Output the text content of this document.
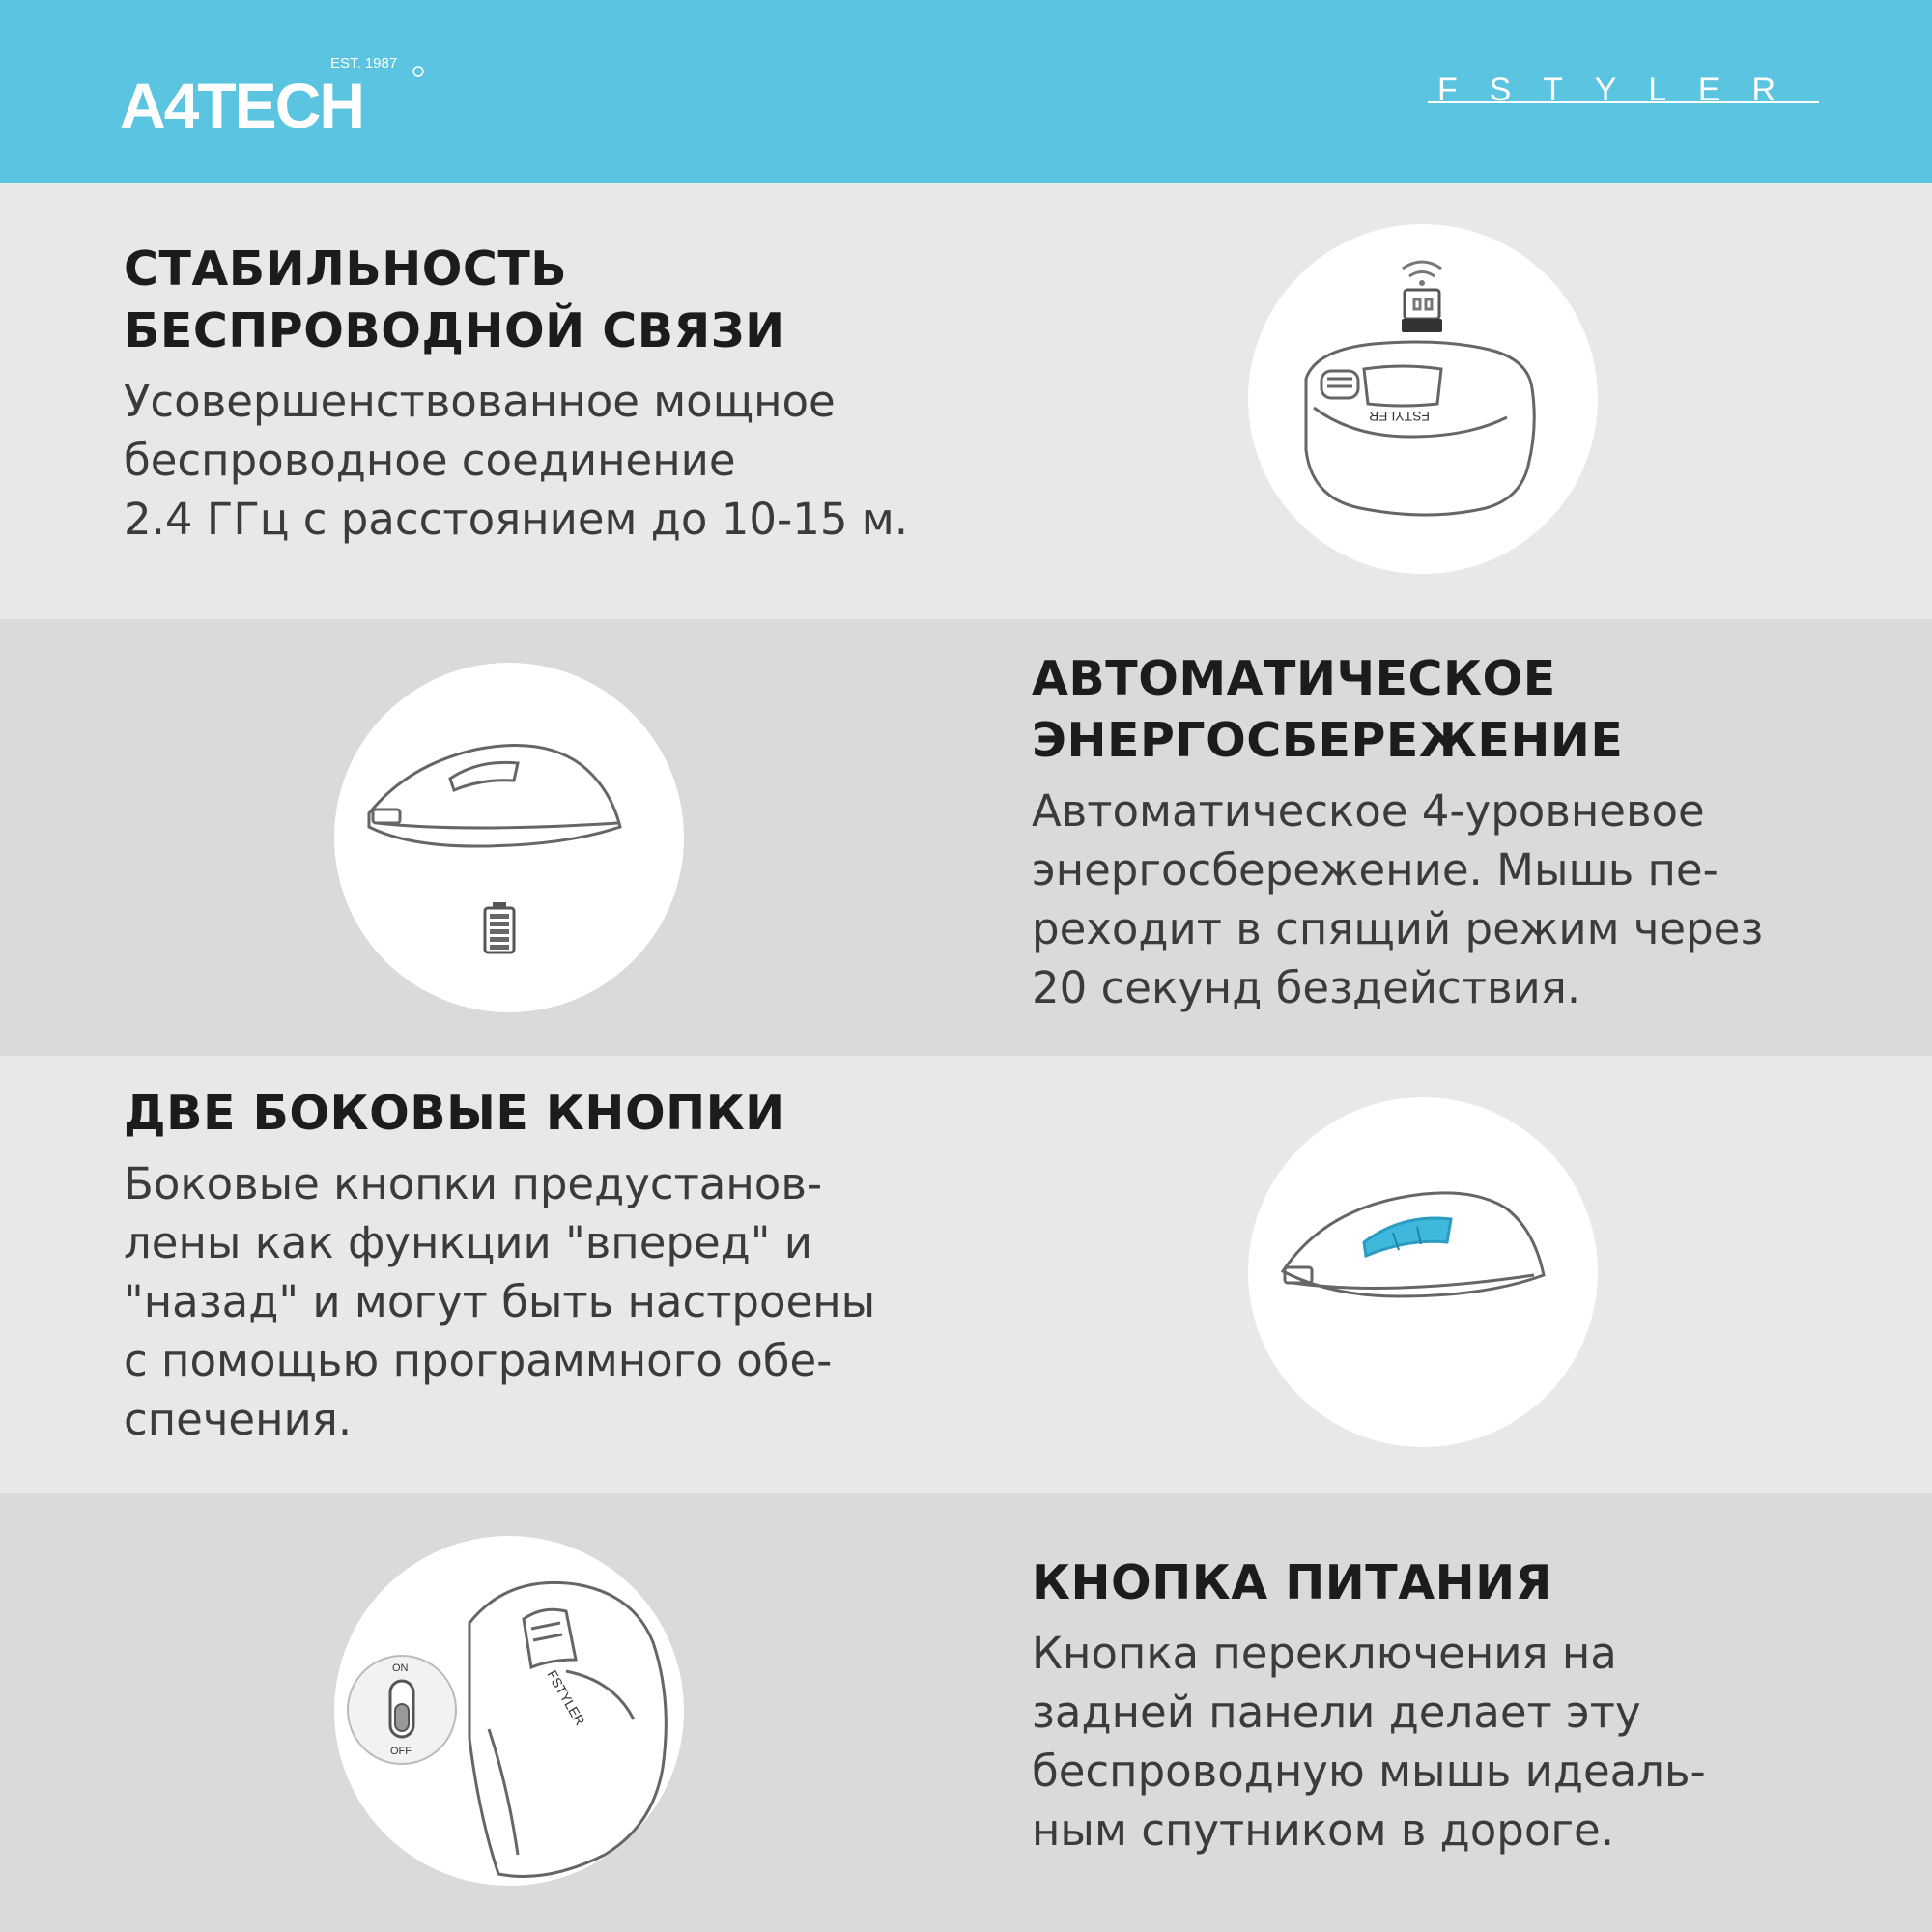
EST. 1987
A4TECH	FSTYLER
СТАБИЛЬНОСТЬ
БЕСПРОВОДНОЙ СВЯЗИ
Усовершенствованное мощное
беспроводное соединение
2.4 ГГц с расстоянием до 10-15 м.
FSTYLER
АВТОМАТИЧЕСКОЕ
ЭНЕРГОСБЕРЕЖЕНИЕ
Автоматическое 4-уровневое
энергосбережение. Мышь пе-
реходит в спящий режим через
20 секунд бездействия.
ДВЕ БОКОВЫЕ КНОПКИ
Боковые кнопки предустанов-
лены как функции "вперед" и
"назад" и могут быть настроены
с помощью программного обе-
спечения.
КНОПКА ПИТАНИЯ
Кнопка переключения на
задней панели делает эту
беспроводную мышь идеаль-
ным спутником в дороге.
FSTYLER
ON
OFF
